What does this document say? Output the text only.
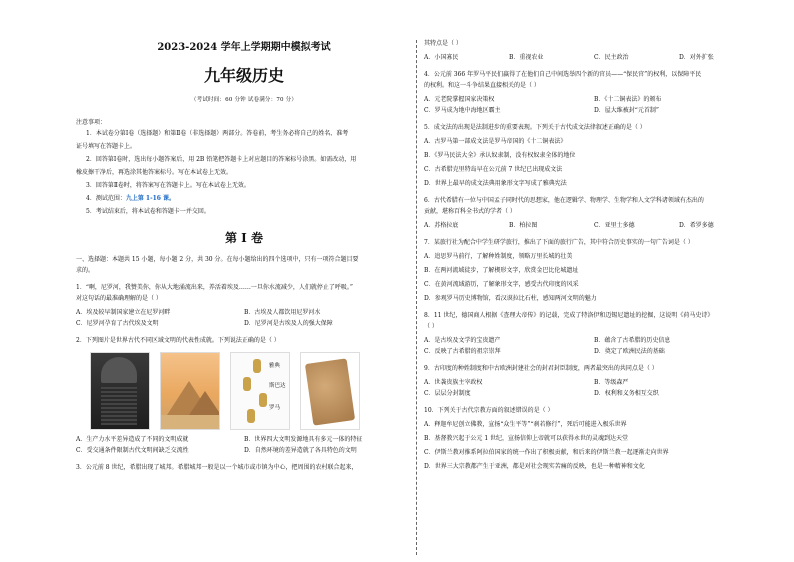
2023-2024 学年上学期期中模拟考试
九年级历史
（考试时间：60 分钟 试卷满分：70 分）
注意事项：
1．本试卷分第Ⅰ卷（选择题）和第Ⅱ卷（非选择题）两部分。答卷前，考生务必将自己的姓名、准考
证号填写在答题卡上。
2．回答第Ⅰ卷时，选出每小题答案后，用 2B 铅笔把答题卡上对应题目的答案标号涂黑。如需改动，用
橡皮擦干净后，再选涂其他答案标号。写在本试卷上无效。
3．回答第Ⅱ卷时，将答案写在答题卡上。写在本试卷上无效。
4．测试范围：九上第 1-16 课。
5．考试结束后，将本试卷和答题卡一并交回。
第 Ⅰ 卷
一、选择题：本题共 15 小题，每小题 2 分，共 30 分。在每小题给出的四个选项中，只有一项符合题目要
求的。
1．“啊，尼罗河，我赞美你，你从大地涌流出来，养活着埃及……一旦你水流减少，人们就停止了呼吸。”
对这句话的最准确理解的是（ ）
A．埃及较早制国家建立在尼罗河畔	B．古埃及人都饮用尼罗河水
C．尼罗河孕育了古代埃及文明	D．尼罗河是古埃及人的强大保障
2．下列图片是世界古代不同区域文明的代表性成就。下列说法正确的是（ ）
雅典
斯巴达
罗马
A．生产力水平差异造成了不同的文明成就	B．世界四大文明发源地具有多元一体的特征
C．受交通条件限制古代文明间缺乏交流性	D．自然环境的差异造就了各具特色的文明
3．公元前 8 世纪，希腊出现了城邦。希腊城邦一般是以一个城市或市镇为中心，把周围的农村联合起来，
其特点是（ ）
A．小国寡民	B．重视农业	C．民主政治	D．对外扩张
4．公元前 366 年罗马平民们赢得了在他们自己中间选举四个新的官员——“保民官”的权利，以保障平民
的权利。和这一斗争结果直接相关的是（ ）
A．元老院掌握国家决策权	B．《十二铜表法》的颁布
C．罗马成为地中海地区霸主	D．屋大维被封“元首制”
5．成文法的出现是法制进步的重要表现。下列关于古代成文法律叙述正确的是（ ）
A．古罗马第一部成文法是罗马帝国的《十二铜表法》
B．《罗马民法大全》承认奴隶制，没有权奴隶全体的地位
C．古希腊克里特岛早在公元前 7 世纪已出现成文法
D．世界上最早的成文法典用象形文字写成了雅典宪法
6．古代希腊有一位与中国孟子同时代的思想家，他在逻辑学、物理学、生物学和人文学科诸领域有杰出的
贡献，堪称百科全书式的学者（ ）
A．苏格拉底	B．柏拉图	C．亚里士多德	D．希罗多德
7．某旅行社为配合中学生研学旅行，推出了下面的旅行广告，其中符合历史事实的一句广告词是（ ）
A．追思罗马前行，了解种姓制度，领略万里长城的壮美
B．在两河流域徒步，了解楔形文字，欣赏金巴比伦城遗址
C．在黄河流域游历，了解象形文字，感受古代印度的风采
D．参观罗马历史博物馆，看汉谟拉比石柱，感知两河文明的魅力
8．11 世纪，德国商人根据《查理大帝传》的记载，完成了特洛伊和迈锡尼遗址的挖掘，这说明《荷马史诗》
（ ）
A．是古埃及文学的宝贵遗产	B．蕴含了古希腊的历史信息
C．反映了古希腊的祖宗崇拜	D．奠定了欧洲民法的基础
9．古印度的种姓制度和中古欧洲封建社会的封君封臣制度，两者最突出的共同点是（ ）
A．世袭贵族主宰政权	B．等级森严
C．层层分封制度	D．权利和义务相互交织
10．下列关于古代宗教方面的叙述错误的是（ ）
A．释迦牟尼创立佛教，宣扬“众生平等”“刹若修行”，死后可能进入极乐世界
B．基督教兴起于公元 1 世纪，宣扬信仰上帝就可以获得永世的灵魂到达天堂
C．伊斯兰教对推系阿拉伯国家的统一作出了积极贡献，和后来的伊斯兰教一起逐渐走向世界
D．世界三大宗教都产生于亚洲，都是对社会现实苦痛的反映，也是一种精神和文化
